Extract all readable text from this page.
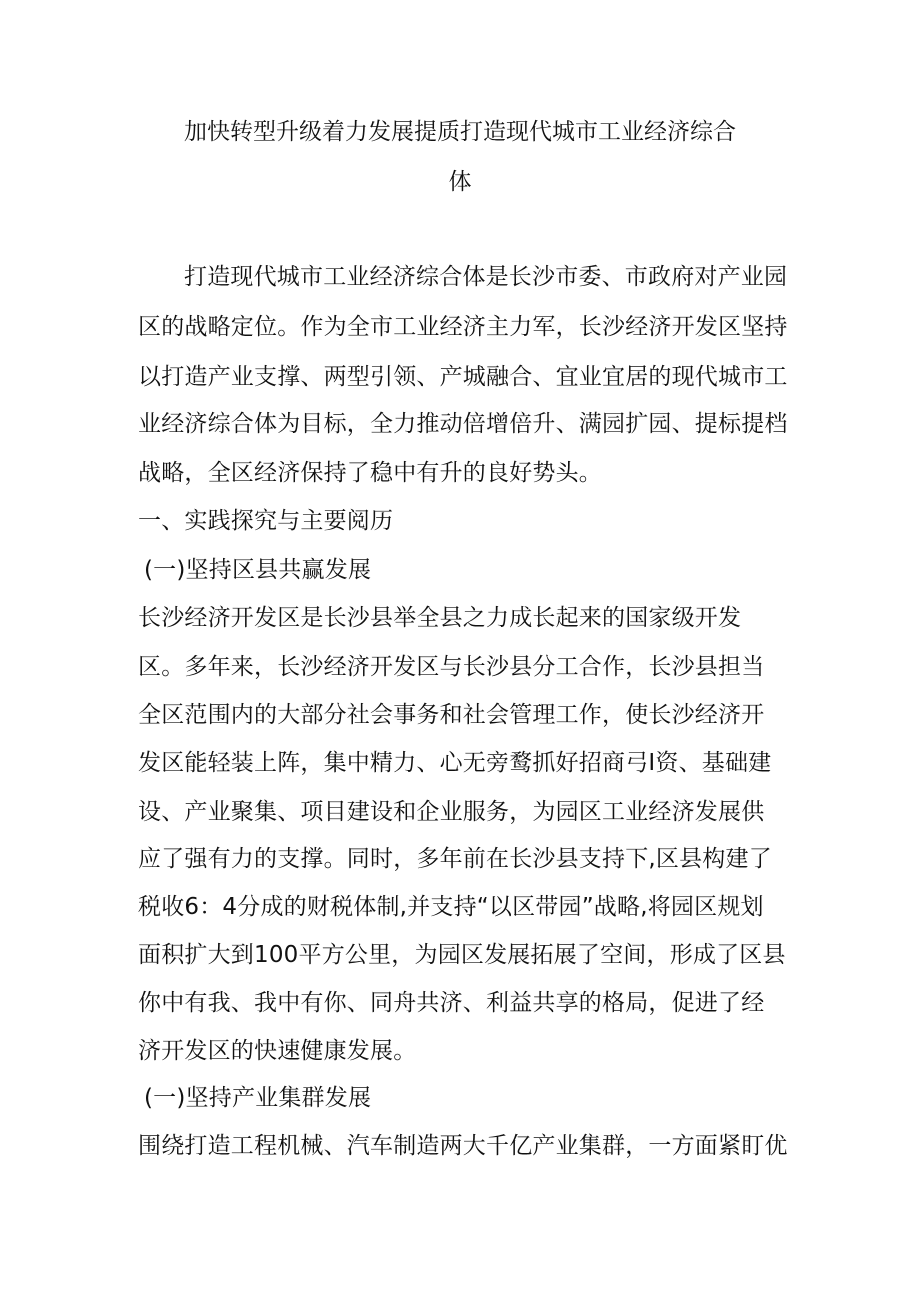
加快转型升级着力发展提质打造现代城市工业经济综合
体
打造现代城市工业经济综合体是长沙市委、市政府对产业园
区的战略定位。作为全市工业经济主力军，长沙经济开发区坚持
以打造产业支撑、两型引领、产城融合、宜业宜居的现代城市工
业经济综合体为目标，全力推动倍增倍升、满园扩园、提标提档
战略，全区经济保持了稳中有升的良好势头。
一、实践探究与主要阅历
(一)坚持区县共赢发展
长沙经济开发区是长沙县举全县之力成长起来的国家级开发
区。多年来，长沙经济开发区与长沙县分工合作，长沙县担当
全区范围内的大部分社会事务和社会管理工作，使长沙经济开
发区能轻装上阵，集中精力、心无旁鹜抓好招商弓I资、基础建
设、产业聚集、项目建设和企业服务，为园区工业经济发展供
应了强有力的支撑。同时，多年前在长沙县支持下,区县构建了
税收6：4分成的财税体制,并支持“以区带园”战略,将园区规划
面积扩大到100平方公里，为园区发展拓展了空间，形成了区县
你中有我、我中有你、同舟共济、利益共享的格局，促进了经
济开发区的快速健康发展。
(一)坚持产业集群发展
围绕打造工程机械、汽车制造两大千亿产业集群，一方面紧盯优
